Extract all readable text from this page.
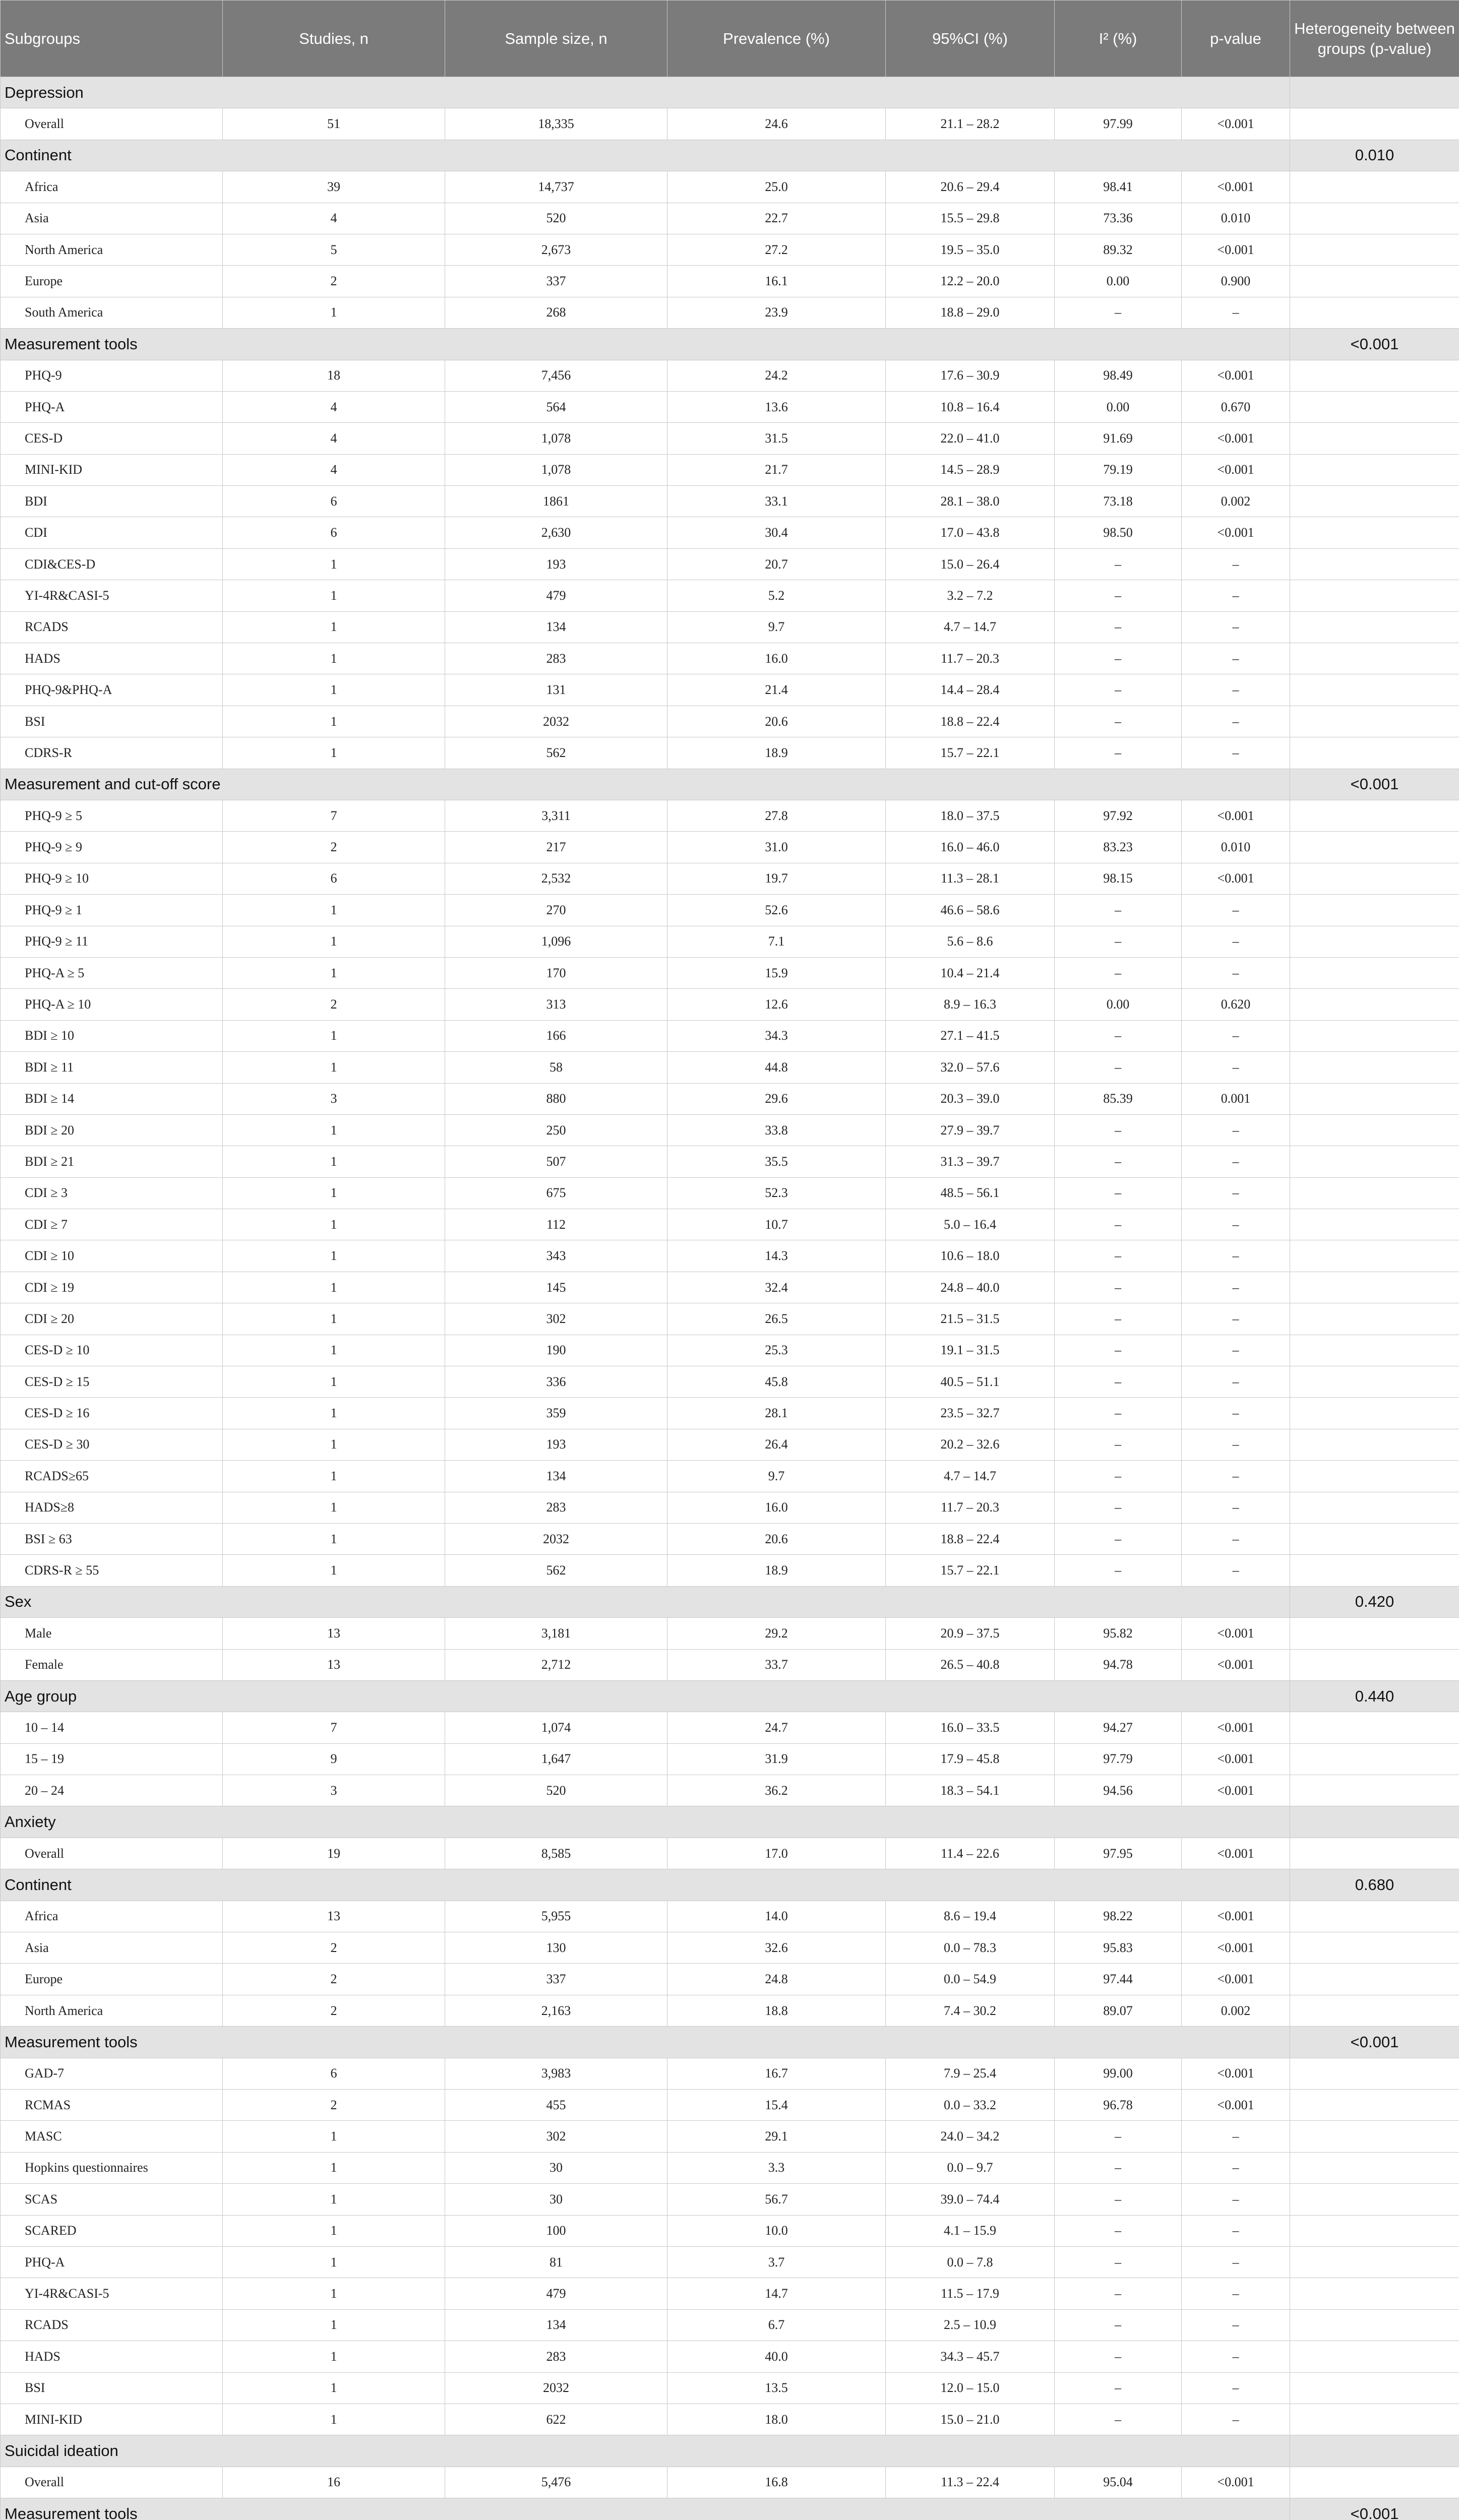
Subgroups	Studies, n	Sample size, n	Prevalence (%)	95%CI (%)	I² (%)	p-value	Heterogeneity between groups (p-value)
Depression							
Overall	51	18,335	24.6	21.1 – 28.2	97.99	<0.001	
Continent							0.010
Africa	39	14,737	25.0	20.6 – 29.4	98.41	<0.001	
Asia	4	520	22.7	15.5 – 29.8	73.36	0.010	
North America	5	2,673	27.2	19.5 – 35.0	89.32	<0.001	
Europe	2	337	16.1	12.2 – 20.0	0.00	0.900	
South America	1	268	23.9	18.8 – 29.0	–	–	
Measurement tools							<0.001
PHQ-9	18	7,456	24.2	17.6 – 30.9	98.49	<0.001	
PHQ-A	4	564	13.6	10.8 – 16.4	0.00	0.670	
CES-D	4	1,078	31.5	22.0 – 41.0	91.69	<0.001	
MINI-KID	4	1,078	21.7	14.5 – 28.9	79.19	<0.001	
BDI	6	1861	33.1	28.1 – 38.0	73.18	0.002	
CDI	6	2,630	30.4	17.0 – 43.8	98.50	<0.001	
CDI&CES-D	1	193	20.7	15.0 – 26.4	–	–	
YI-4R&CASI-5	1	479	5.2	3.2 – 7.2	–	–	
RCADS	1	134	9.7	4.7 – 14.7	–	–	
HADS	1	283	16.0	11.7 – 20.3	–	–	
PHQ-9&PHQ-A	1	131	21.4	14.4 – 28.4	–	–	
BSI	1	2032	20.6	18.8 – 22.4	–	–	
CDRS-R	1	562	18.9	15.7 – 22.1	–	–	
Measurement and cut-off score							<0.001
PHQ-9 ≥ 5	7	3,311	27.8	18.0 – 37.5	97.92	<0.001	
PHQ-9 ≥ 9	2	217	31.0	16.0 – 46.0	83.23	0.010	
PHQ-9 ≥ 10	6	2,532	19.7	11.3 – 28.1	98.15	<0.001	
PHQ-9 ≥ 1	1	270	52.6	46.6 – 58.6	–	–	
PHQ-9 ≥ 11	1	1,096	7.1	5.6 – 8.6	–	–	
PHQ-A ≥ 5	1	170	15.9	10.4 – 21.4	–	–	
PHQ-A ≥ 10	2	313	12.6	8.9 – 16.3	0.00	0.620	
BDI ≥ 10	1	166	34.3	27.1 – 41.5	–	–	
BDI ≥ 11	1	58	44.8	32.0 – 57.6	–	–	
BDI ≥ 14	3	880	29.6	20.3 – 39.0	85.39	0.001	
BDI ≥ 20	1	250	33.8	27.9 – 39.7	–	–	
BDI ≥ 21	1	507	35.5	31.3 – 39.7	–	–	
CDI ≥ 3	1	675	52.3	48.5 – 56.1	–	–	
CDI ≥ 7	1	112	10.7	5.0 – 16.4	–	–	
CDI ≥ 10	1	343	14.3	10.6 – 18.0	–	–	
CDI ≥ 19	1	145	32.4	24.8 – 40.0	–	–	
CDI ≥ 20	1	302	26.5	21.5 – 31.5	–	–	
CES-D ≥ 10	1	190	25.3	19.1 – 31.5	–	–	
CES-D ≥ 15	1	336	45.8	40.5 – 51.1	–	–	
CES-D ≥ 16	1	359	28.1	23.5 – 32.7	–	–	
CES-D ≥ 30	1	193	26.4	20.2 – 32.6	–	–	
RCADS≥65	1	134	9.7	4.7 – 14.7	–	–	
HADS≥8	1	283	16.0	11.7 – 20.3	–	–	
BSI ≥ 63	1	2032	20.6	18.8 – 22.4	–	–	
CDRS-R ≥ 55	1	562	18.9	15.7 – 22.1	–	–	
Sex							0.420
Male	13	3,181	29.2	20.9 – 37.5	95.82	<0.001	
Female	13	2,712	33.7	26.5 – 40.8	94.78	<0.001	
Age group							0.440
10 – 14	7	1,074	24.7	16.0 – 33.5	94.27	<0.001	
15 – 19	9	1,647	31.9	17.9 – 45.8	97.79	<0.001	
20 – 24	3	520	36.2	18.3 – 54.1	94.56	<0.001	
Anxiety							
Overall	19	8,585	17.0	11.4 – 22.6	97.95	<0.001	
Continent							0.680
Africa	13	5,955	14.0	8.6 – 19.4	98.22	<0.001	
Asia	2	130	32.6	0.0 – 78.3	95.83	<0.001	
Europe	2	337	24.8	0.0 – 54.9	97.44	<0.001	
North America	2	2,163	18.8	7.4 – 30.2	89.07	0.002	
Measurement tools							<0.001
GAD-7	6	3,983	16.7	7.9 – 25.4	99.00	<0.001	
RCMAS	2	455	15.4	0.0 – 33.2	96.78	<0.001	
MASC	1	302	29.1	24.0 – 34.2	–	–	
Hopkins questionnaires	1	30	3.3	0.0 – 9.7	–	–	
SCAS	1	30	56.7	39.0 – 74.4	–	–	
SCARED	1	100	10.0	4.1 – 15.9	–	–	
PHQ-A	1	81	3.7	0.0 – 7.8	–	–	
YI-4R&CASI-5	1	479	14.7	11.5 – 17.9	–	–	
RCADS	1	134	6.7	2.5 – 10.9	–	–	
HADS	1	283	40.0	34.3 – 45.7	–	–	
BSI	1	2032	13.5	12.0 – 15.0	–	–	
MINI-KID	1	622	18.0	15.0 – 21.0	–	–	
Suicidal ideation							
Overall	16	5,476	16.8	11.3 – 22.4	95.04	<0.001	
Measurement tools							<0.001
